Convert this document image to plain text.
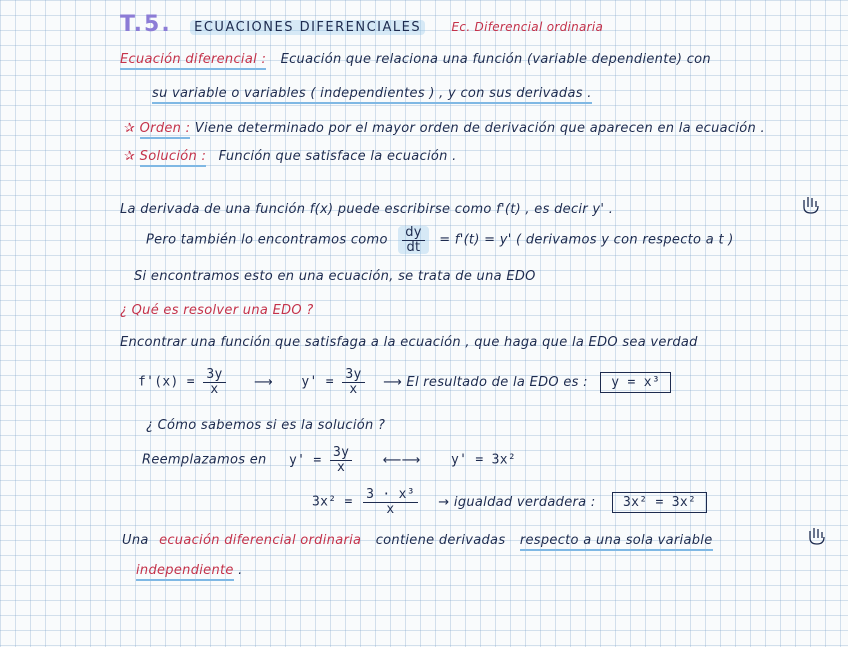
T.5. ECUACIONES DIFERENCIALES	Ec. Diferencial ordinaria
Ecuación diferencial : Ecuación que relaciona una función (variable dependiente) con
su variable o variables ( independientes ) , y con sus derivadas .
✰ Orden : Viene determinado por el mayor orden de derivación que aparecen en la ecuación .
✰ Solución : Función que satisface la ecuación .
La derivada de una función f(x) puede escribirse como f'(t) , es decir y' .
Pero también lo encontramos como $\frac{dy}{dt} = f'(t) = y'$ ( derivamos y con respecto a t )
Si encontramos esto en una ecuación, se trata de una EDO
¿ Qué es resolver una EDO ?
Encontrar una función que satisfaga a la ecuación , que haga que la EDO sea verdad
$f'(x) = \frac{3y}{x}$ ⟶ $y' = \frac{3y}{x}$ ⟶ El resultado de la EDO es : y = x³
¿ Cómo sabemos si es la solución ?
Reemplazamos en $y' = \frac{3y}{x}$ ⟵⟶ y' = 3x²
$3x^2 = \frac{\text{3 · x³}}{x}$ → igualdad verdadera : 3x² = 3x²
Una ecuación diferencial ordinaria contiene derivadas respecto a una sola variable
independiente .
